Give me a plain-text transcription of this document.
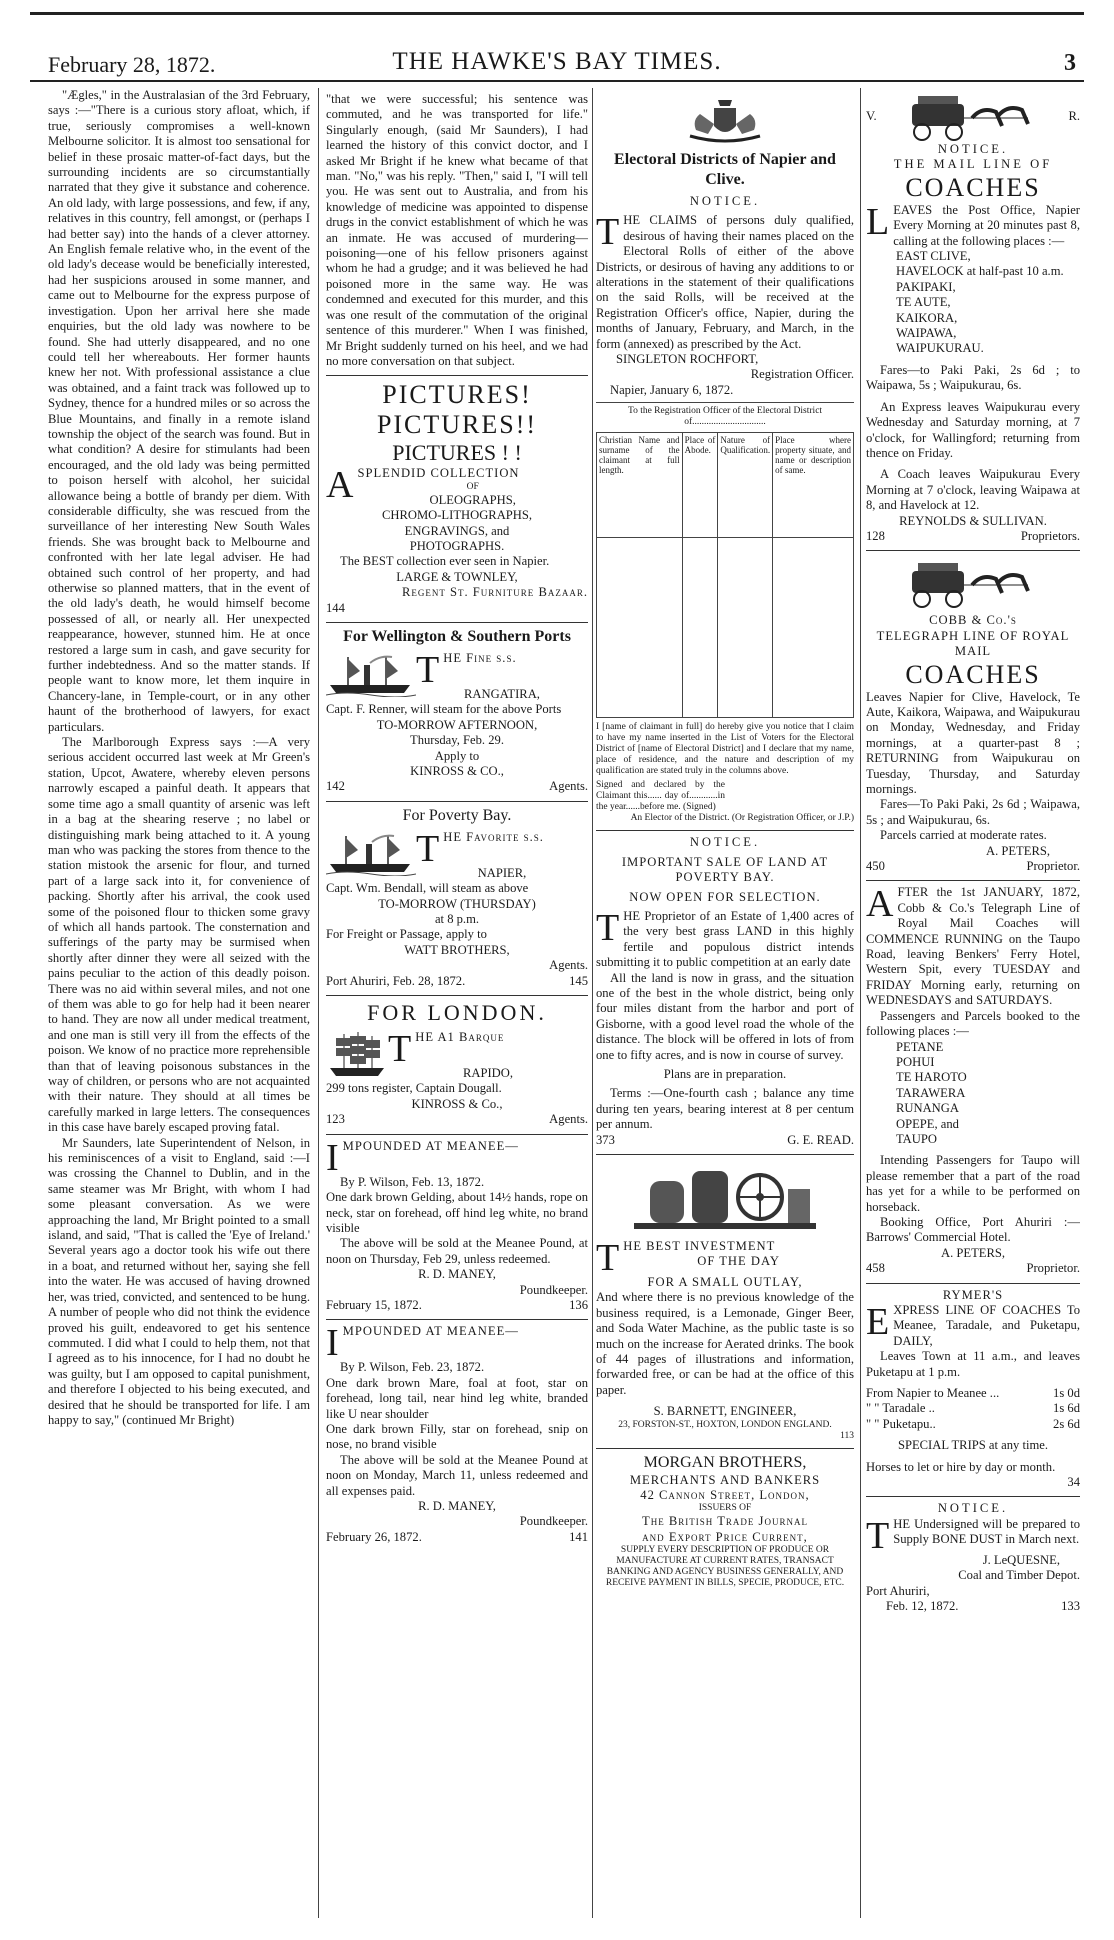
February 28, 1872.	THE HAWKE'S BAY TIMES.	3

"Ægles," in the Australasian of the 3rd February, says :—"There is a curious story afloat, which, if true, seriously compromises a well-known Melbourne solicitor. It is almost too sensational for belief in these prosaic matter-of-fact days, but the surrounding incidents are so circumstantially narrated that they give it substance and coherence. An old lady, with large possessions, and few, if any, relatives in this country, fell amongst, or (perhaps I had better say) into the hands of a clever attorney. An English female relative who, in the event of the old lady's decease would be beneficially interested, had her suspicions aroused in some manner, and came out to Melbourne for the express purpose of investigation. Upon her arrival here she made enquiries, but the old lady was nowhere to be found. She had utterly disappeared, and no one could tell her whereabouts. Her former haunts knew her not. With professional assistance a clue was obtained, and a faint track was followed up to Sydney, thence for a hundred miles or so across the Blue Mountains, and finally in a remote island township the object of the search was found. But in what condition? A desire for stimulants had been encouraged, and the old lady was being permitted to poison herself with alcohol, her suicidal allowance being a bottle of brandy per diem. With considerable difficulty, she was rescued from the surveillance of her interesting New South Wales friends. She was brought back to Melbourne and confronted with her late legal adviser. He had obtained such control of her property, and had otherwise so planned matters, that in the event of the old lady's death, he would himself become possessed of all, or nearly all. Her unexpected reappearance, however, stunned him. He at once restored a large sum in cash, and gave security for further indebtedness. And so the matter stands. If people want to know more, let them inquire in Chancery-lane, in Temple-court, or in any other haunt of the brotherhood of lawyers, for exact particulars.

The Marlborough Express says :—A very serious accident occurred last week at Mr Green's station, Upcot, Awatere, whereby eleven persons narrowly escaped a painful death. It appears that some time ago a small quantity of arsenic was left in a bag at the shearing reserve ; no label or distinguishing mark being attached to it. A young man who was packing the stores from thence to the station mistook the arsenic for flour, and turned part of a large sack into it, for convenience of packing. Shortly after his arrival, the cook used some of the poisoned flour to thicken some gravy of which all hands partook. The consternation and sufferings of the party may be surmised when shortly after dinner they were all seized with the pains peculiar to the action of this deadly poison. There was no aid within several miles, and not one of them was able to go for help had it been nearer to hand. They are now all under medical treatment, and one man is still very ill from the effects of the poison. We know of no practice more reprehensible than that of leaving poisonous substances in the way of children, or persons who are not acquainted with their nature. They should at all times be carefully marked in large letters. The consequences in this case have barely escaped proving fatal.

Mr Saunders, late Superintendent of Nelson, in his reminiscences of a visit to England, said :—I was crossing the Channel to Dublin, and in the same steamer was Mr Bright, with whom I had some pleasant conversation. As we were approaching the land, Mr Bright pointed to a small island, and said, "That is called the 'Eye of Ireland.' Several years ago a doctor took his wife out there in a boat, and returned without her, saying she fell into the water. He was accused of having drowned her, was tried, convicted, and sentenced to be hung. A number of people who did not think the evidence proved his guilt, endeavored to get his sentence commuted. I did what I could to help them, not that I agreed as to his innocence, for I had no doubt he was guilty, but I am opposed to capital punishment, and therefore I objected to his being executed, and desired that he should be transported for life. I am happy to say," (continued Mr Bright)

"that we were successful; his sentence was commuted, and he was transported for life." Singularly enough, (said Mr Saunders), I had learned the history of this convict doctor, and I asked Mr Bright if he knew what became of that man. "No," was his reply. "Then," said I, "I will tell you. He was sent out to Australia, and from his knowledge of medicine was appointed to dispense drugs in the convict establishment of which he was an inmate. He was accused of murdering—poisoning—one of his fellow prisoners against whom he had a grudge; and it was believed he had poisoned more in the same way. He was condemned and executed for this murder, and this was one result of the commutation of the original sentence of this murderer." When I was finished, Mr Bright suddenly turned on his heel, and we had no more conversation on that subject.

PICTURES! PICTURES!!
PICTURES ! !

ASPLENDID COLLECTION

OF

OLEOGRAPHS,

CHROMO-LITHOGRAPHS,

ENGRAVINGS, and

PHOTOGRAPHS.

The BEST collection ever seen in Napier.

LARGE & TOWNLEY,

Regent St. Furniture Bazaar.

144

For Wellington & Southern Ports

THE Fine s.s.

RANGATIRA,

Capt. F. Renner, will steam for the above Ports

TO-MORROW AFTERNOON,

Thursday, Feb. 29.

Apply to

KINROSS & CO.,

142	Agents.

For Poverty Bay.

THE Favorite s.s.

NAPIER,

Capt. Wm. Bendall, will steam as above

TO-MORROW (THURSDAY)

at 8 p.m.

For Freight or Passage, apply to

WATT BROTHERS,

Agents.

Port Ahuriri, Feb. 28, 1872.	145

FOR LONDON.

THE A1 Barque

RAPIDO,

299 tons register, Captain Dougall.

KINROSS & Co.,

123	Agents.

IMPOUNDED AT MEANEE—

By P. Wilson, Feb. 13, 1872.

One dark brown Gelding, about 14½ hands, rope on neck, star on forehead, off hind leg white, no brand visible

The above will be sold at the Meanee Pound, at noon on Thursday, Feb 29, unless redeemed.

R. D. MANEY,

Poundkeeper.

February 15, 1872.	136

IMPOUNDED AT MEANEE—

By P. Wilson, Feb. 23, 1872.

One dark brown Mare, foal at foot, star on forehead, long tail, near hind leg white, branded like U near shoulder

One dark brown Filly, star on forehead, snip on nose, no brand visible

The above will be sold at the Meanee Pound at noon on Monday, March 11, unless redeemed and all expenses paid.

R. D. MANEY,

Poundkeeper.

February 26, 1872.	141

Electoral Districts of Napier and Clive.

NOTICE.

THE CLAIMS of persons duly qualified, desirous of having their names placed on the Electoral Rolls of either of the above Districts, or desirous of having any additions to or alterations in the statement of their qualifications on the said Rolls, will be received at the Registration Officer's office, Napier, during the months of January, February, and March, in the form (annexed) as prescribed by the Act.

SINGLETON ROCHFORT,

Registration Officer.

Napier, January 6, 1872.

To the Registration Officer of the Electoral District of...............................

Christian Name and surname of the claimant at full length.	Place of Abode.	Nature of Qualification.	Place where property situate, and name or description of same.

I [name of claimant in full] do hereby give you notice that I claim to have my name inserted in the List of Voters for the Electoral District of [name of Electoral District] and I declare that my name, place of residence, and the nature and description of my qualification are stated truly in the columns above.

Signed and declared by the Claimant this...... day of............in the year......before me. (Signed)

An Elector of the District. (Or Registration Officer, or J.P.)

NOTICE.

IMPORTANT SALE OF LAND AT POVERTY BAY.

NOW OPEN FOR SELECTION.

THE Proprietor of an Estate of 1,400 acres of the very best grass LAND in this highly fertile and populous district intends submitting it to public competition at an early date

All the land is now in grass, and the situation one of the best in the whole district, being only four miles distant from the harbor and port of Gisborne, with a good level road the whole of the distance. The block will be offered in lots of from one to fifty acres, and is now in course of survey.

Plans are in preparation.

Terms :—One-fourth cash ; balance any time during ten years, bearing interest at 8 per centum per annum.

373	G. E. READ.

THE BEST INVESTMENT

OF THE DAY

FOR A SMALL OUTLAY,

And where there is no previous knowledge of the business required, is a Lemonade, Ginger Beer, and Soda Water Machine, as the public taste is so much on the increase for Aerated drinks. The book of 44 pages of illustrations and information, forwarded free, or can be had at the office of this paper.

S. BARNETT, ENGINEER,

23, FORSTON-ST., HOXTON, LONDON ENGLAND.

113

MORGAN BROTHERS,

MERCHANTS AND BANKERS

42 Cannon Street, London,

ISSUERS OF

The British Trade Journal

and Export Price Current,

SUPPLY EVERY DESCRIPTION OF PRODUCE OR MANUFACTURE AT CURRENT RATES, TRANSACT BANKING AND AGENCY BUSINESS GENERALLY, AND RECEIVE PAYMENT IN BILLS, SPECIE, PRODUCE, ETC.

V.	R.

NOTICE.

THE MAIL LINE OF

COACHES

LEAVES the Post Office, Napier Every Morning at 20 minutes past 8, calling at the following places :—

EAST CLIVE,

HAVELOCK at half-past 10 a.m.

PAKIPAKI,

TE AUTE,

KAIKORA,

WAIPAWA,

WAIPUKURAU.

Fares—to Paki Paki, 2s 6d ; to Waipawa, 5s ; Waipukurau, 6s.

An Express leaves Waipukurau every Wednesday and Saturday morning, at 7 o'clock, for Wallingford; returning from thence on Friday.

A Coach leaves Waipukurau Every Morning at 7 o'clock, leaving Waipawa at 8, and Havelock at 12.

REYNOLDS & SULLIVAN.

128	Proprietors.

COBB & Co.'s

TELEGRAPH LINE OF ROYAL MAIL

COACHES

Leaves Napier for Clive, Havelock, Te Aute, Kaikora, Waipawa, and Waipukurau on Monday, Wednesday, and Friday mornings, at a quarter-past 8 ; RETURNING from Waipukurau on Tuesday, Thursday, and Saturday mornings.

Fares—To Paki Paki, 2s 6d ; Waipawa, 5s ; and Waipukurau, 6s.

Parcels carried at moderate rates.

A. PETERS,

450	Proprietor.

AFTER the 1st JANUARY, 1872, Cobb & Co.'s Telegraph Line of Royal Mail Coaches will COMMENCE RUNNING on the Taupo Road, leaving Benkers' Ferry Hotel, Western Spit, every TUESDAY and FRIDAY Morning early, returning on WEDNESDAYS and SATURDAYS.

Passengers and Parcels booked to the following places :—

PETANE

POHUI

TE HAROTO

TARAWERA

RUNANGA

OPEPE, and

TAUPO

Intending Passengers for Taupo will please remember that a part of the road has yet for a while to be performed on horseback.

Booking Office, Port Ahuriri :—Barrows' Commercial Hotel.

A. PETERS,

458	Proprietor.

RYMER'S

EXPRESS LINE OF COACHES To Meanee, Taradale, and Puketapu, DAILY,

Leaves Town at 11 a.m., and leaves Puketapu at 1 p.m.

From Napier to Meanee ...	1s 0d

" " Taradale ..	1s 6d

" " Puketapu..	2s 6d

SPECIAL TRIPS at any time.

Horses to let or hire by day or month.

34

NOTICE.

THE Undersigned will be prepared to Supply BONE DUST in March next.

J. LeQUESNE,

Coal and Timber Depot.

Port Ahuriri,

Feb. 12, 1872.	133
